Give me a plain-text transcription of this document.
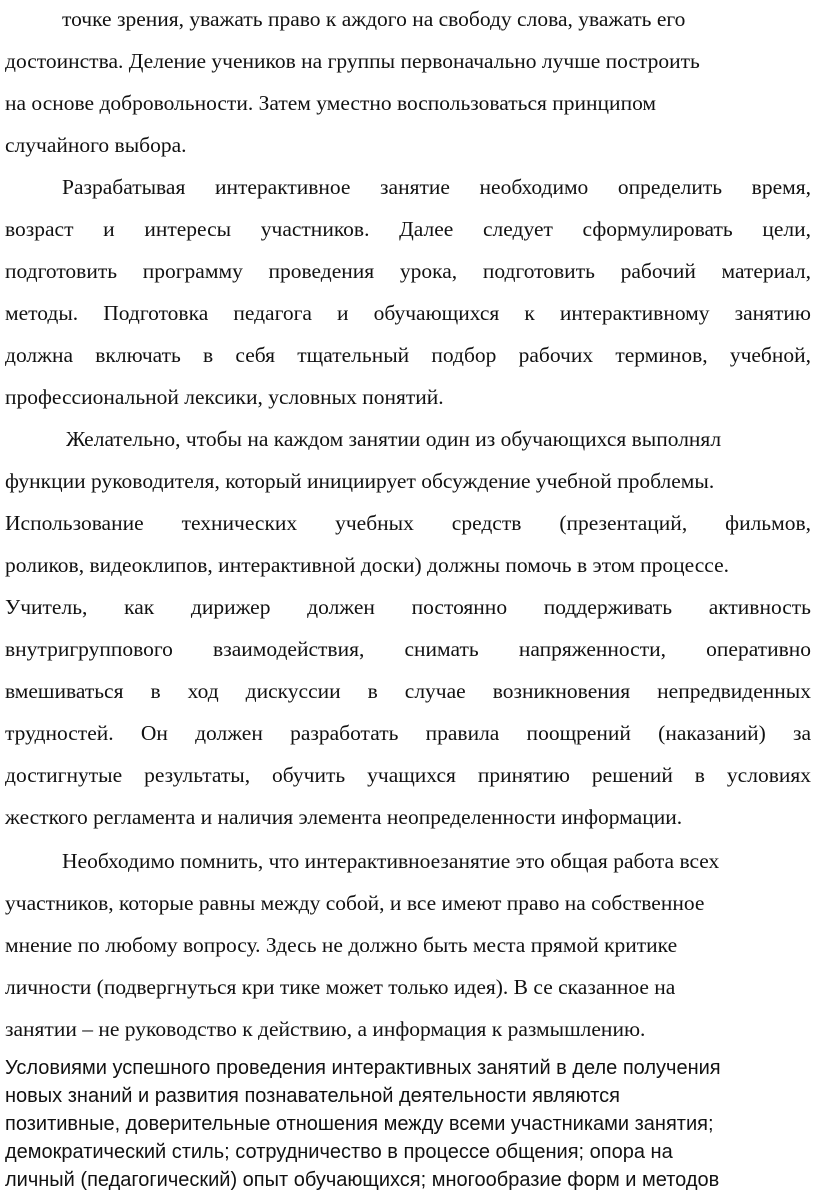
точке зрения, уважать право к аждого на свободу слова, уважать его
достоинства. Деление учеников на группы первоначально лучше построить
на основе добровольности. Затем уместно воспользоваться принципом
случайного выбора.
Разрабатывая интерактивное занятие необходимо определить время,
возраст и интересы участников. Далее следует сформулировать цели,
подготовить программу проведения урока, подготовить рабочий материал,
методы. Подготовка педагога и обучающихся к интерактивному занятию
должна включать в себя тщательный подбор рабочих терминов, учебной,
профессиональной лексики, условных понятий.
Желательно, чтобы на каждом занятии один из обучающихся выполнял
функции руководителя, который инициирует обсуждение учебной проблемы.
Использование технических учебных средств (презентаций, фильмов,
роликов, видеоклипов, интерактивной доски) должны помочь в этом процессе.
Учитель, как дирижер должен постоянно поддерживать активность
внутригруппового взаимодействия, снимать напряженности, оперативно
вмешиваться в ход дискуссии в случае возникновения непредвиденных
трудностей. Он должен разработать правила поощрений (наказаний) за
достигнутые результаты, обучить учащихся принятию решений в условиях
жесткого регламента и наличия элемента неопределенности информации.
Необходимо помнить, что интерактивноезанятие это общая работа всех
участников, которые равны между собой, и все имеют право на собственное
мнение по любому вопросу. Здесь не должно быть места прямой критике
личности (подвергнуться кри тике может только идея). В се сказанное на
занятии – не руководство к действию, а информация к размышлению.
Условиями успешного проведения интерактивных занятий в деле получения
новых знаний и развития познавательной деятельности являются
позитивные, доверительные отношения между всеми участниками занятия;
демократический стиль; сотрудничество в процессе общения; опора на
личный (педагогический) опыт обучающихся; многообразие форм и методов
